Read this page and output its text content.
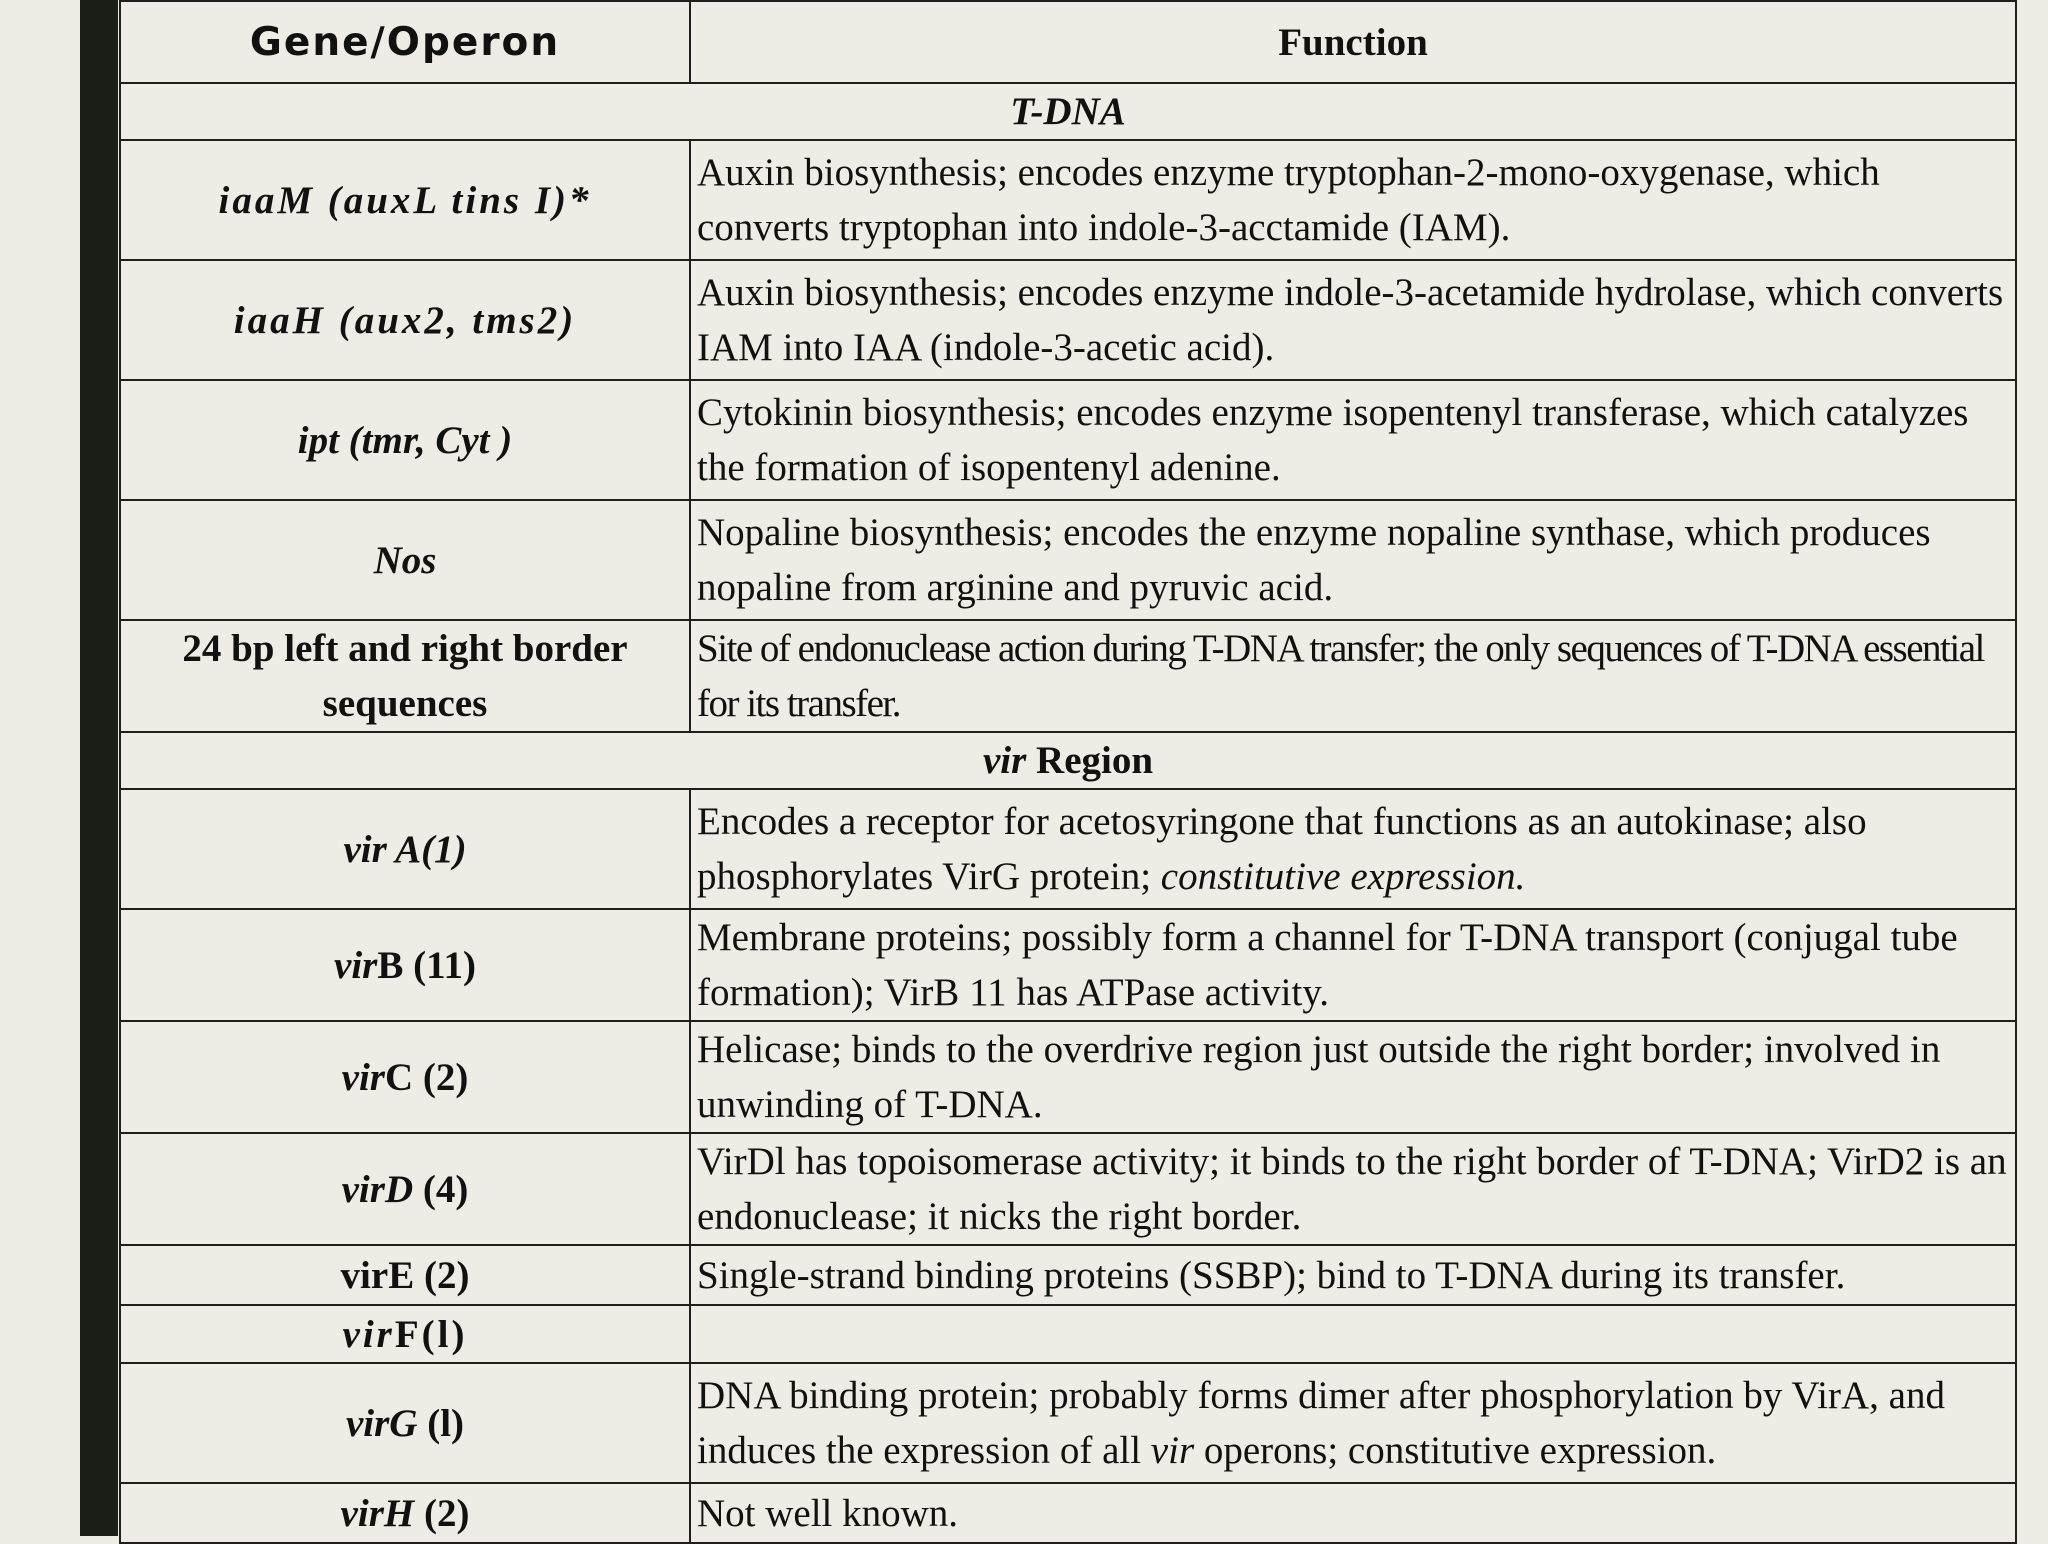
Gene/Operon	Function
T-DNA	
iaaM (auxL tins I)*	Auxin biosynthesis; encodes enzyme tryptophan-2-mono-oxygenase, which converts tryptophan into indole-3-acctamide (IAM).
iaaH (aux2, tms2)	Auxin biosynthesis; encodes enzyme indole-3-acetamide hydrolase, which converts IAM into IAA (indole-3-acetic acid).
ipt (tmr, Cyt )	Cytokinin biosynthesis; encodes enzyme isopentenyl transferase, which catalyzes the formation of isopentenyl adenine.
Nos	Nopaline biosynthesis; encodes the enzyme nopaline synthase, which produces nopaline from arginine and pyruvic acid.
24 bp left and right border sequences	Site of endonuclease action during T-DNA transfer; the only sequences of T-DNA essential for its transfer.
vir Region	
vir A(1)	Encodes a receptor for acetosyringone that functions as an autokinase; also phosphorylates VirG protein; constitutive expression.
virB (11)	Membrane proteins; possibly form a channel for T-DNA transport (conjugal tube formation); VirB 11 has ATPase activity.
virC (2)	Helicase; binds to the overdrive region just outside the right border; involved in unwinding of T-DNA.
virD (4)	VirDl has topoisomerase activity; it binds to the right border of T-DNA; VirD2 is an endonuclease; it nicks the right border.
virE (2)	Single-strand binding proteins (SSBP); bind to T-DNA during its transfer.
virF(l)	
virG (l)	DNA binding protein; probably forms dimer after phosphorylation by VirA, and induces the expression of all vir operons; constitutive expression.
virH (2)	Not well known.
